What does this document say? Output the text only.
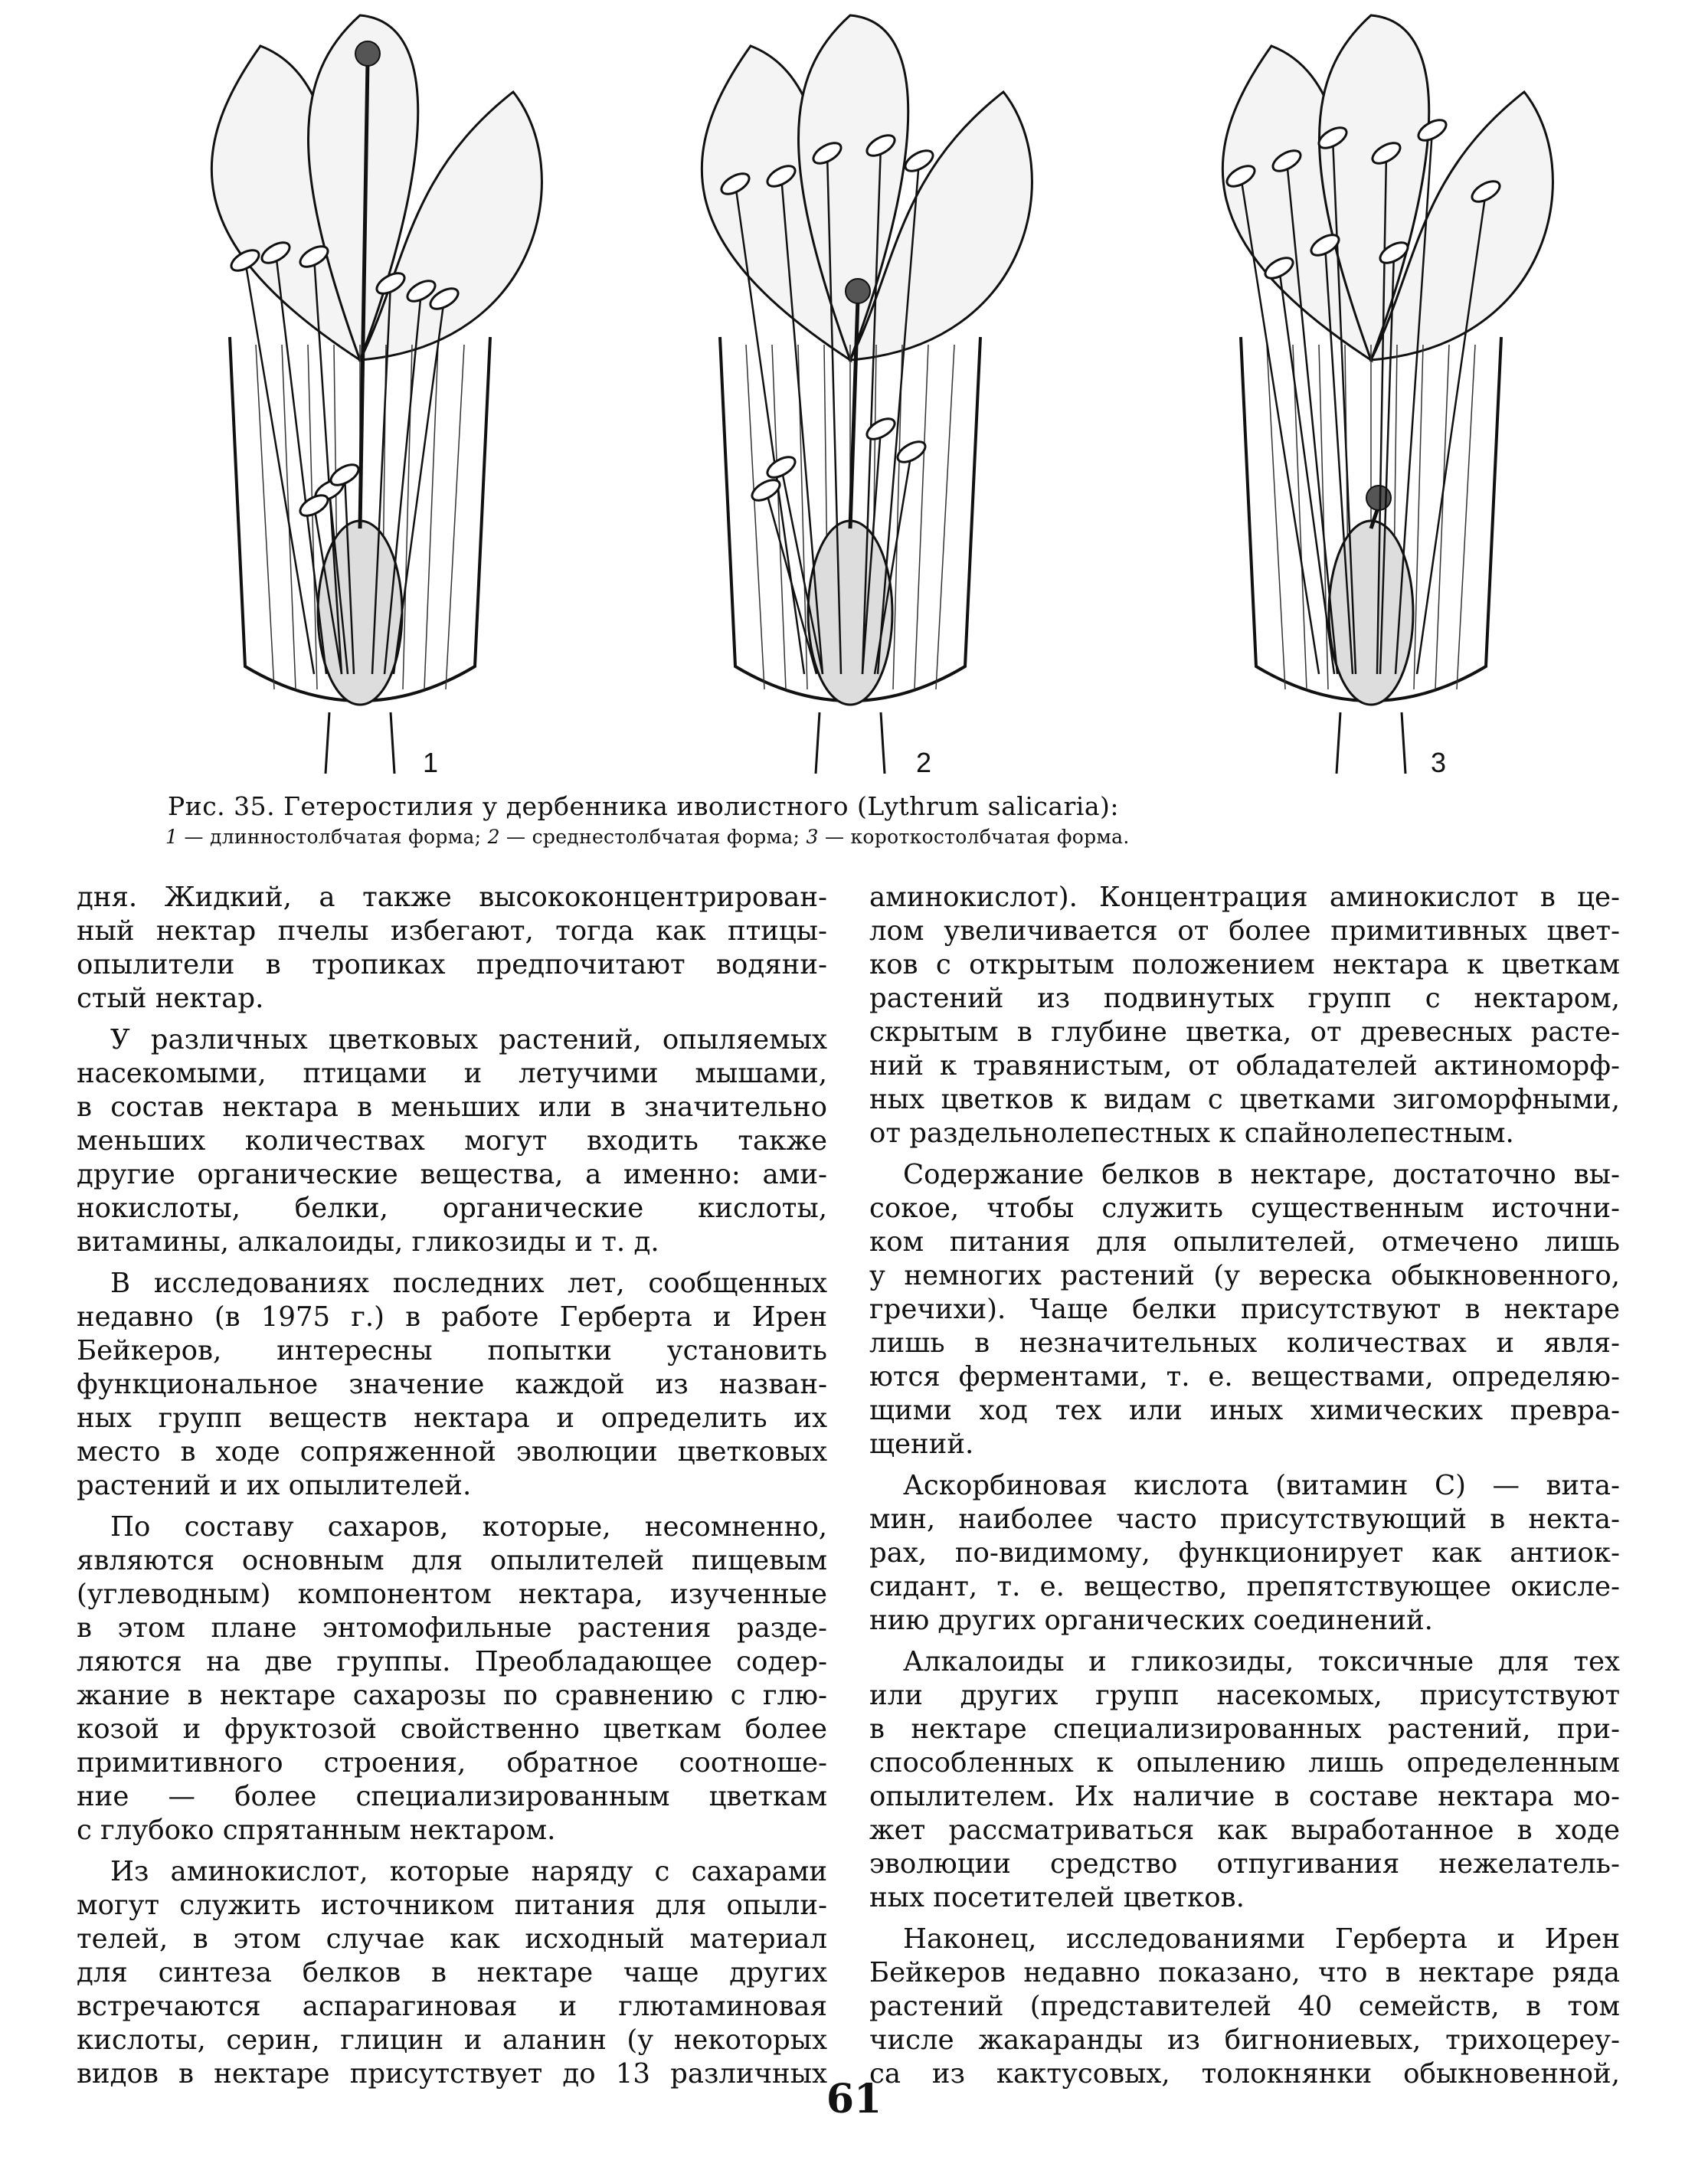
1	2	3
Рис. 35. Гетеростилия у дербенника иволистного (Lythrum salicaria):
1 — длинностолбчатая форма; 2 — среднестолбчатая форма; 3 — короткостолбчатая форма.
дня. Жидкий, а также высококонцентрирован-
ный нектар пчелы избегают, тогда как птицы-
опылители в тропиках предпочитают водяни-
стый нектар.
У различных цветковых растений, опыляемых
насекомыми, птицами и летучими мышами,
в состав нектара в меньших или в значительно
меньших количествах могут входить также
другие органические вещества, а именно: ами-
нокислоты, белки, органические кислоты,
витамины, алкалоиды, гликозиды и т. д.
В исследованиях последних лет, сообщенных
недавно (в 1975 г.) в работе Герберта и Ирен
Бейкеров, интересны попытки установить
функциональное значение каждой из назван-
ных групп веществ нектара и определить их
место в ходе сопряженной эволюции цветковых
растений и их опылителей.
По составу сахаров, которые, несомненно,
являются основным для опылителей пищевым
(углеводным) компонентом нектара, изученные
в этом плане энтомофильные растения разде-
ляются на две группы. Преобладающее содер-
жание в нектаре сахарозы по сравнению с глю-
козой и фруктозой свойственно цветкам более
примитивного строения, обратное соотноше-
ние — более специализированным цветкам
с глубоко спрятанным нектаром.
Из аминокислот, которые наряду с сахарами
могут служить источником питания для опыли-
телей, в этом случае как исходный материал
для синтеза белков в нектаре чаще других
встречаются аспарагиновая и глютаминовая
кислоты, серин, глицин и аланин (у некоторых
видов в нектаре присутствует до 13 различных
аминокислот). Концентрация аминокислот в це-
лом увеличивается от более примитивных цвет-
ков с открытым положением нектара к цветкам
растений из подвинутых групп с нектаром,
скрытым в глубине цветка, от древесных расте-
ний к травянистым, от обладателей актиноморф-
ных цветков к видам с цветками зигоморфными,
от раздельнолепестных к спайнолепестным.
Содержание белков в нектаре, достаточно вы-
сокое, чтобы служить существенным источни-
ком питания для опылителей, отмечено лишь
у немногих растений (у вереска обыкновенного,
гречихи). Чаще белки присутствуют в нектаре
лишь в незначительных количествах и явля-
ются ферментами, т. е. веществами, определяю-
щими ход тех или иных химических превра-
щений.
Аскорбиновая кислота (витамин С) — вита-
мин, наиболее часто присутствующий в некта-
рах, по-видимому, функционирует как антиок-
сидант, т. е. вещество, препятствующее окисле-
нию других органических соединений.
Алкалоиды и гликозиды, токсичные для тех
или других групп насекомых, присутствуют
в нектаре специализированных растений, при-
способленных к опылению лишь определенным
опылителем. Их наличие в составе нектара мо-
жет рассматриваться как выработанное в ходе
эволюции средство отпугивания нежелатель-
ных посетителей цветков.
Наконец, исследованиями Герберта и Ирен
Бейкеров недавно показано, что в нектаре ряда
растений (представителей 40 семейств, в том
числе жакаранды из бигнониевых, трихоцереу-
са из кактусовых, толокнянки обыкновенной,
61
